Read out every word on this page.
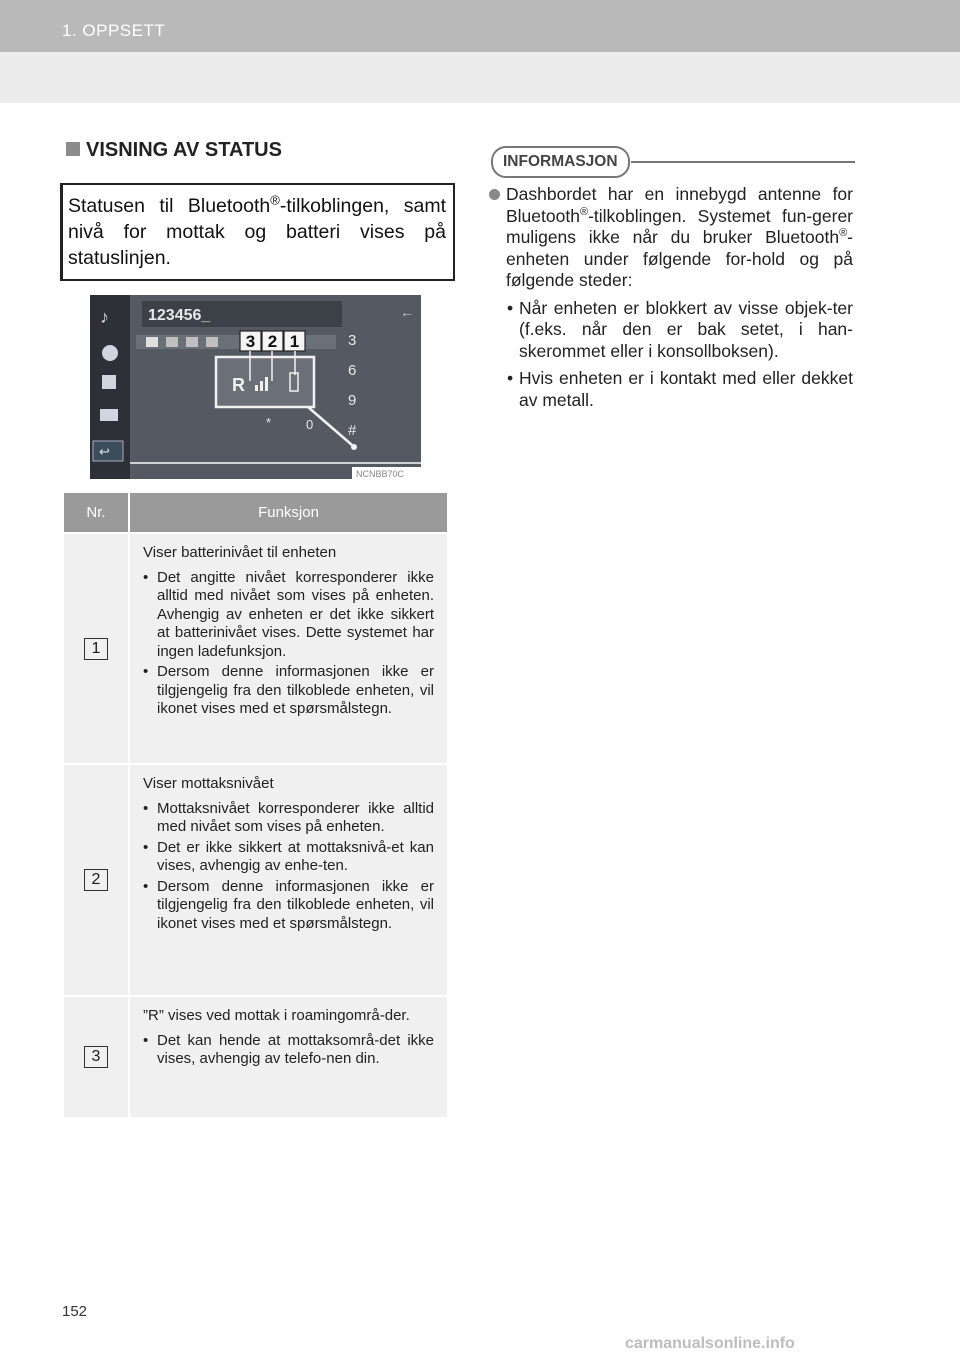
1. OPPSETT
VISNING AV STATUS
Statusen til Bluetooth®-tilkoblingen, samt nivå for mottak og batteri vises på statuslinjen.
123456_	←
♪
↩
3
6
9
#
*	0
R
3 2 1
NCNBB70C
Nr.	Funksjon
1
Viser batterinivået til enheten
• Det angitte nivået korresponderer ikke alltid med nivået som vises på enheten. Avhengig av enheten er det ikke sikkert at batterinivået vises. Dette systemet har ingen ladefunksjon.
• Dersom denne informasjonen ikke er tilgjengelig fra den tilkoblede enheten, vil ikonet vises med et spørsmålstegn.
2
Viser mottaksnivået
• Mottaksnivået korresponderer ikke alltid med nivået som vises på enheten.
• Det er ikke sikkert at mottaksnivå-et kan vises, avhengig av enhe-ten.
• Dersom denne informasjonen ikke er tilgjengelig fra den tilkoblede enheten, vil ikonet vises med et spørsmålstegn.
3
”R” vises ved mottak i roamingområ-der.
• Det kan hende at mottaksområ-det ikke vises, avhengig av telefo-nen din.
INFORMASJON
Dashbordet har en innebygd antenne for Bluetooth®-tilkoblingen. Systemet fun-gerer muligens ikke når du bruker Bluetooth®-enheten under følgende for-hold og på følgende steder:
• Når enheten er blokkert av visse objek-ter (f.eks. når den er bak setet, i han-skerommet eller i konsollboksen).
• Hvis enheten er i kontakt med eller dekket av metall.
152
carmanualsonline.info
